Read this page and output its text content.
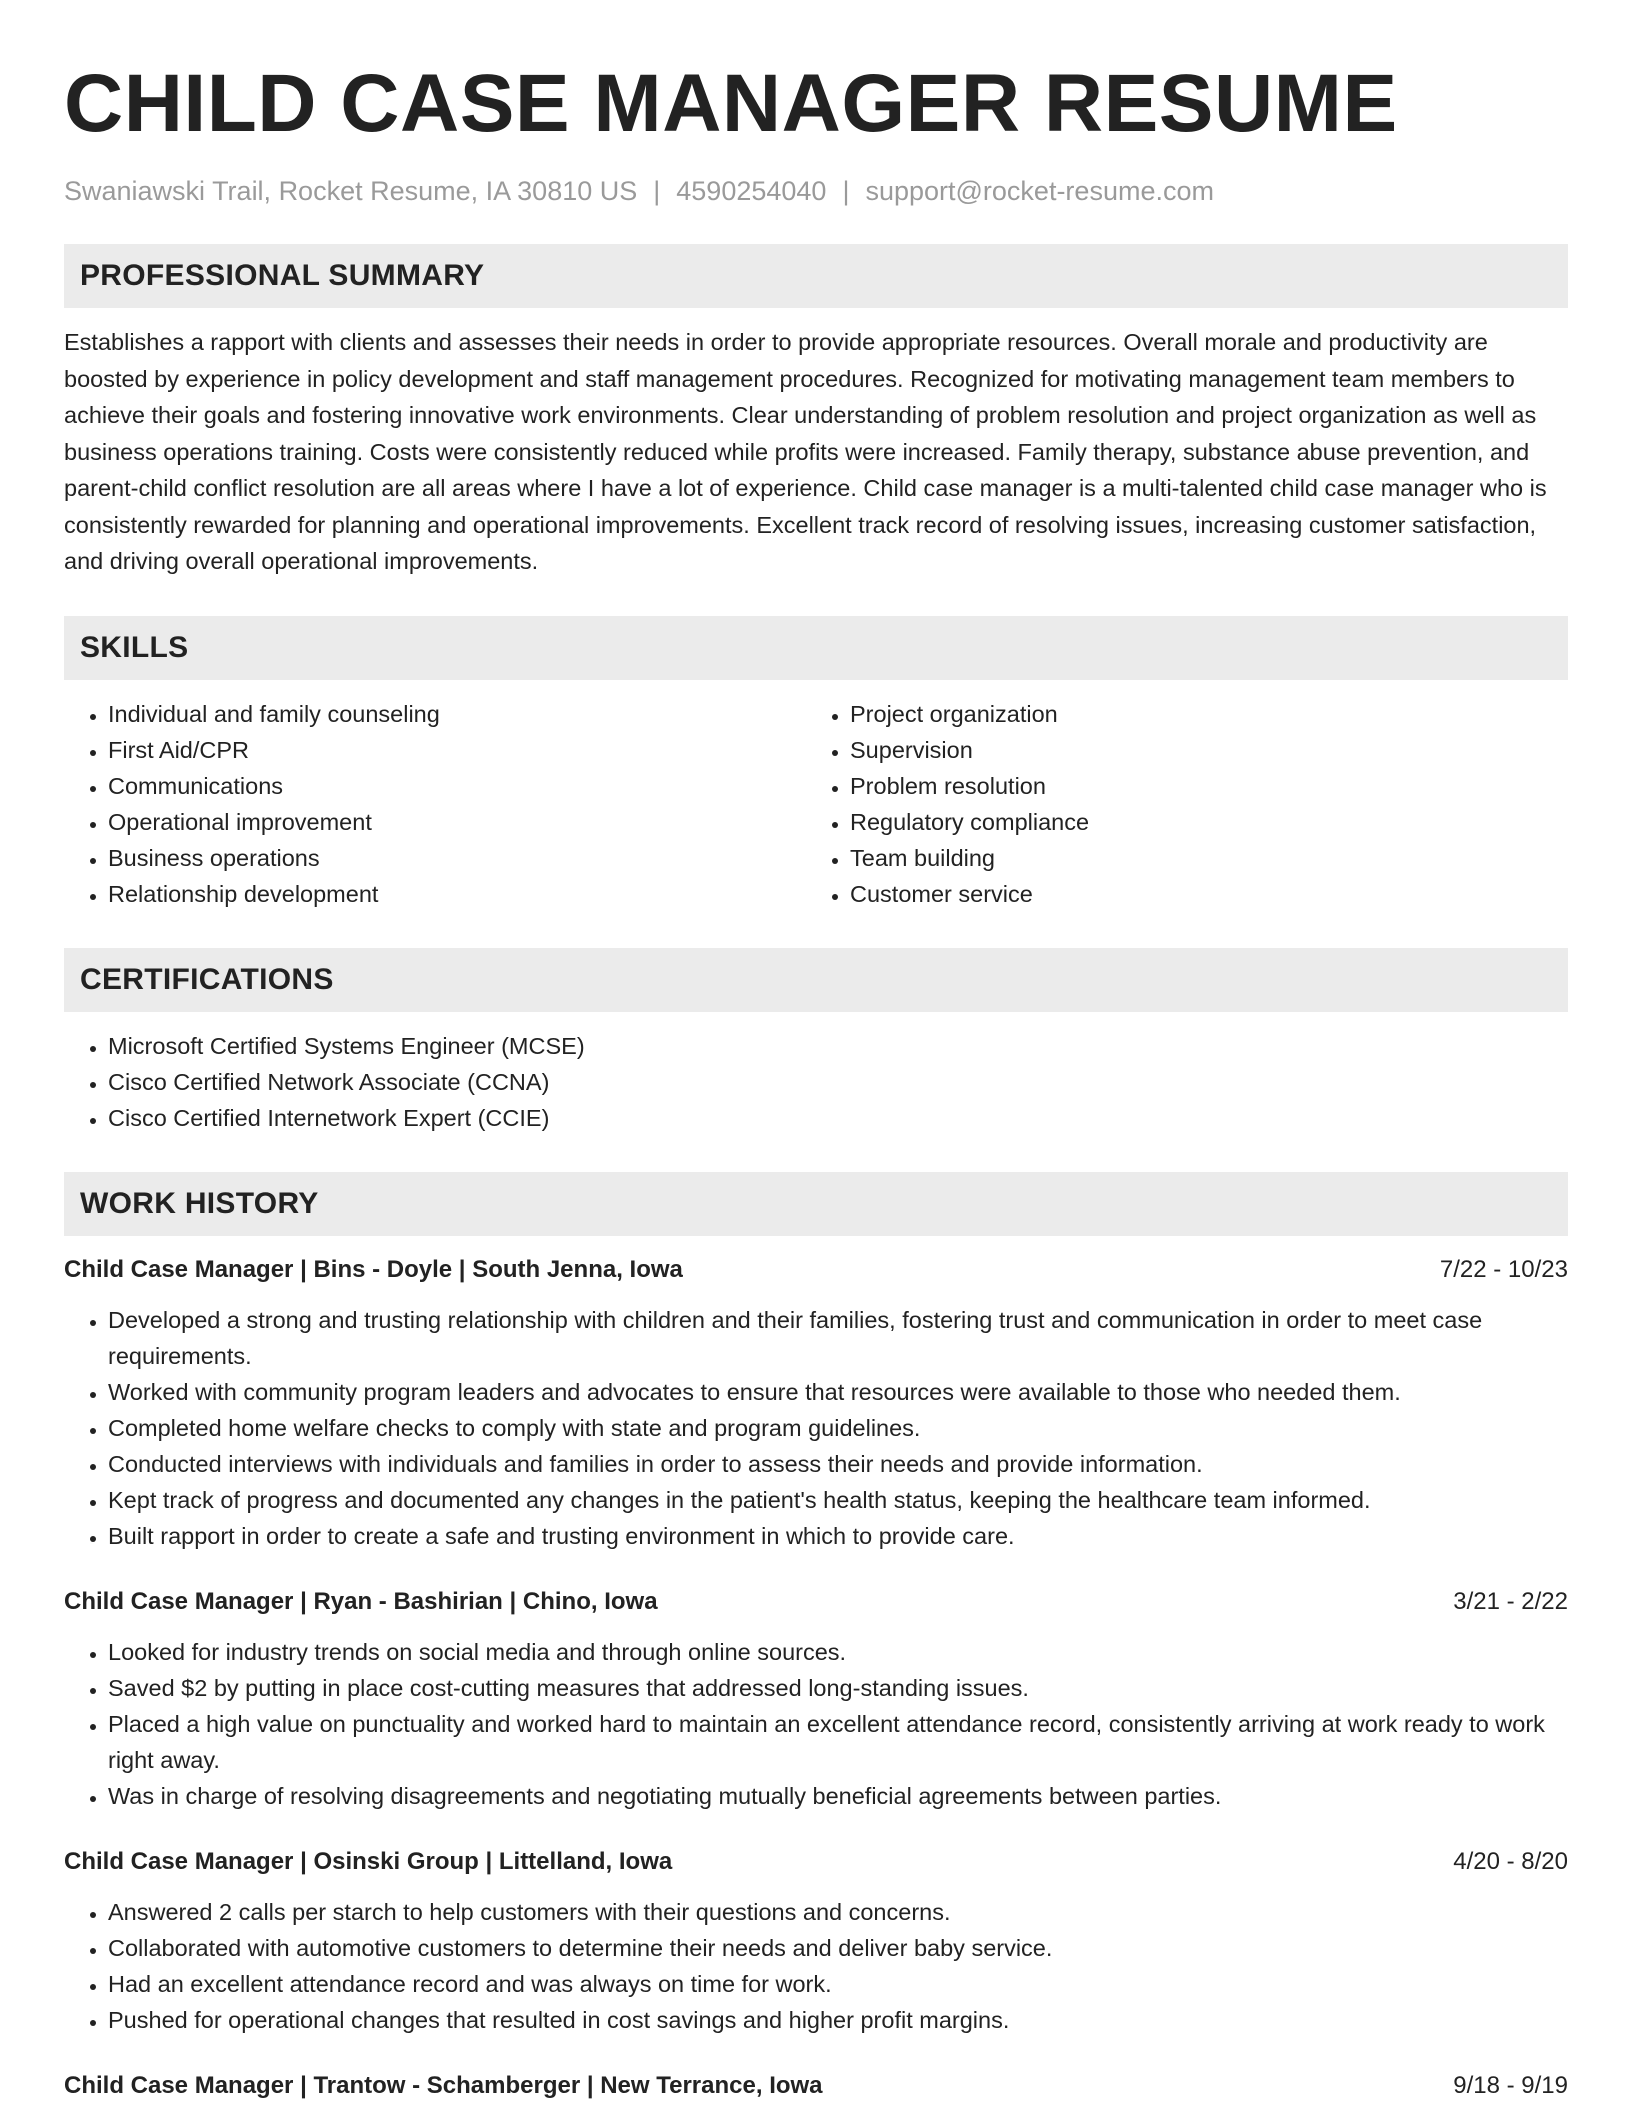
CHILD CASE MANAGER RESUME
Swaniawski Trail, Rocket Resume, IA 30810 US | 4590254040 | support@rocket-resume.com
PROFESSIONAL SUMMARY

Establishes a rapport with clients and assesses their needs in order to provide appropriate resources. Overall morale and productivity are boosted by experience in policy development and staff management procedures. Recognized for motivating management team members to achieve their goals and fostering innovative work environments. Clear understanding of problem resolution and project organization as well as business operations training. Costs were consistently reduced while profits were increased. Family therapy, substance abuse prevention, and parent-child conflict resolution are all areas where I have a lot of experience. Child case manager is a multi-talented child case manager who is consistently rewarded for planning and operational improvements. Excellent track record of resolving issues, increasing customer satisfaction, and driving overall operational improvements.

SKILLS
• Individual and family counseling
• First Aid/CPR
• Communications
• Operational improvement
• Business operations
• Relationship development
• Project organization
• Supervision
• Problem resolution
• Regulatory compliance
• Team building
• Customer service
CERTIFICATIONS
• Microsoft Certified Systems Engineer (MCSE)
• Cisco Certified Network Associate (CCNA)
• Cisco Certified Internetwork Expert (CCIE)
WORK HISTORY
Child Case Manager | Bins - Doyle | South Jenna, Iowa	7/22 - 10/23
• Developed a strong and trusting relationship with children and their families, fostering trust and communication in order to meet case requirements.
• Worked with community program leaders and advocates to ensure that resources were available to those who needed them.
• Completed home welfare checks to comply with state and program guidelines.
• Conducted interviews with individuals and families in order to assess their needs and provide information.
• Kept track of progress and documented any changes in the patient's health status, keeping the healthcare team informed.
• Built rapport in order to create a safe and trusting environment in which to provide care.
Child Case Manager | Ryan - Bashirian | Chino, Iowa	3/21 - 2/22
• Looked for industry trends on social media and through online sources.
• Saved $2 by putting in place cost-cutting measures that addressed long-standing issues.
• Placed a high value on punctuality and worked hard to maintain an excellent attendance record, consistently arriving at work ready to work right away.
• Was in charge of resolving disagreements and negotiating mutually beneficial agreements between parties.
Child Case Manager | Osinski Group | Littelland, Iowa	4/20 - 8/20
• Answered 2 calls per starch to help customers with their questions and concerns.
• Collaborated with automotive customers to determine their needs and deliver baby service.
• Had an excellent attendance record and was always on time for work.
• Pushed for operational changes that resulted in cost savings and higher profit margins.
Child Case Manager | Trantow - Schamberger | New Terrance, Iowa	9/18 - 9/19
